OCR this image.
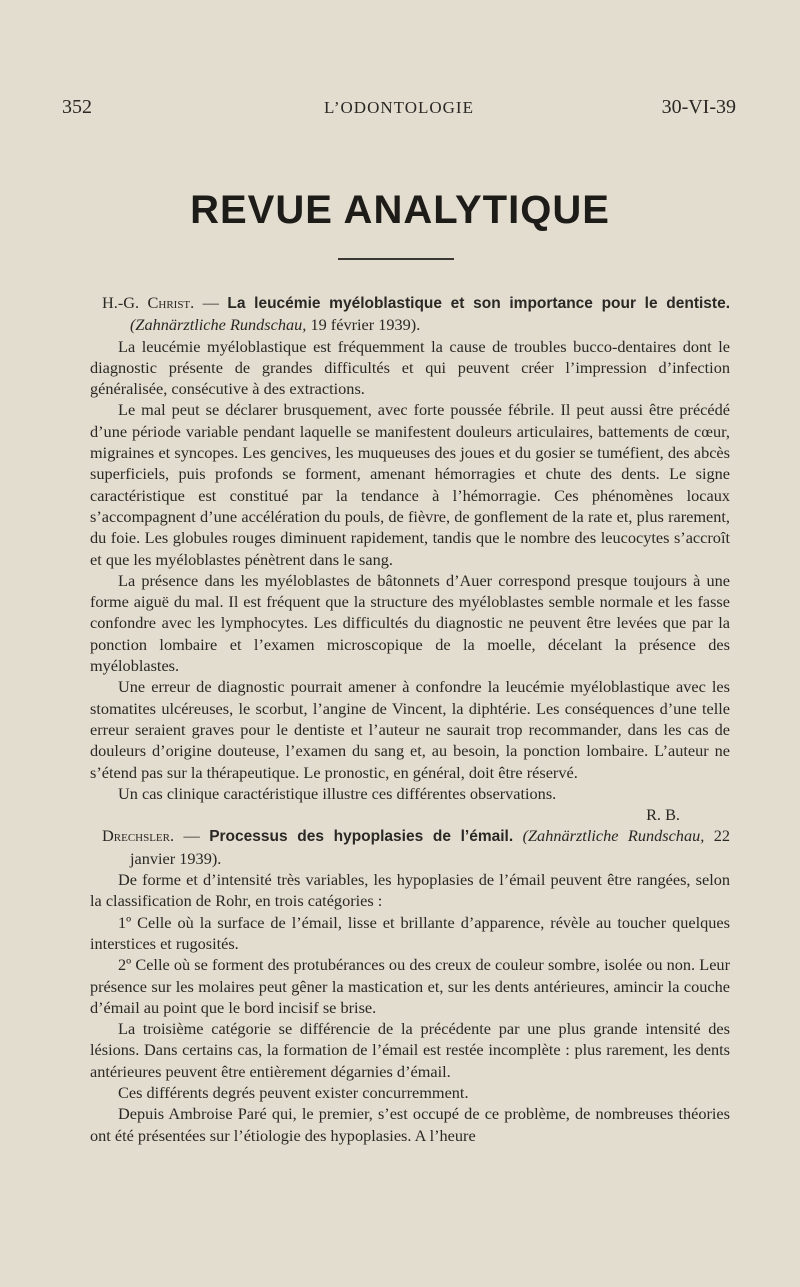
352	L’ODONTOLOGIE	30-VI-39
REVUE ANALYTIQUE

H.-G. Christ. — La leucémie myéloblastique et son importance pour le dentiste. (Zahnärztliche Rundschau, 19 février 1939).

La leucémie myéloblastique est fréquemment la cause de troubles bucco-dentaires dont le diagnostic présente de grandes difficultés et qui peuvent créer l’impression d’infection généralisée, consécutive à des extractions.

Le mal peut se déclarer brusquement, avec forte poussée fébrile. Il peut aussi être précédé d’une période variable pendant laquelle se manifestent douleurs articulaires, battements de cœur, migraines et syncopes. Les gencives, les muqueuses des joues et du gosier se tuméfient, des abcès superficiels, puis profonds se forment, amenant hémorragies et chute des dents. Le signe caractéristique est constitué par la tendance à l’hémorragie. Ces phénomènes locaux s’accompagnent d’une accélération du pouls, de fièvre, de gonflement de la rate et, plus rarement, du foie. Les globules rouges diminuent rapidement, tandis que le nombre des leucocytes s’accroît et que les myéloblastes pénètrent dans le sang.

La présence dans les myéloblastes de bâtonnets d’Auer correspond presque toujours à une forme aiguë du mal. Il est fréquent que la structure des myéloblastes semble normale et les fasse confondre avec les lymphocytes. Les difficultés du diagnostic ne peuvent être levées que par la ponction lombaire et l’examen microscopique de la moelle, décelant la présence des myéloblastes.

Une erreur de diagnostic pourrait amener à confondre la leucémie myéloblastique avec les stomatites ulcéreuses, le scorbut, l’angine de Vincent, la diphtérie. Les conséquences d’une telle erreur seraient graves pour le dentiste et l’auteur ne saurait trop recommander, dans les cas de douleurs d’origine douteuse, l’examen du sang et, au besoin, la ponction lombaire. L’auteur ne s’étend pas sur la thérapeutique. Le pronostic, en général, doit être réservé.

Un cas clinique caractéristique illustre ces différentes observations.

R. B.

Drechsler. — Processus des hypoplasies de l’émail. (Zahnärztliche Rundschau, 22 janvier 1939).

De forme et d’intensité très variables, les hypoplasies de l’émail peuvent être rangées, selon la classification de Rohr, en trois catégories :

1º Celle où la surface de l’émail, lisse et brillante d’apparence, révèle au toucher quelques interstices et rugosités.

2º Celle où se forment des protubérances ou des creux de couleur sombre, isolée ou non. Leur présence sur les molaires peut gêner la mastication et, sur les dents antérieures, amincir la couche d’émail au point que le bord incisif se brise.

La troisième catégorie se différencie de la précédente par une plus grande intensité des lésions. Dans certains cas, la formation de l’émail est restée incomplète : plus rarement, les dents antérieures peuvent être entièrement dégarnies d’émail.

Ces différents degrés peuvent exister concurremment.

Depuis Ambroise Paré qui, le premier, s’est occupé de ce problème, de nombreuses théories ont été présentées sur l’étiologie des hypoplasies. A l’heure
